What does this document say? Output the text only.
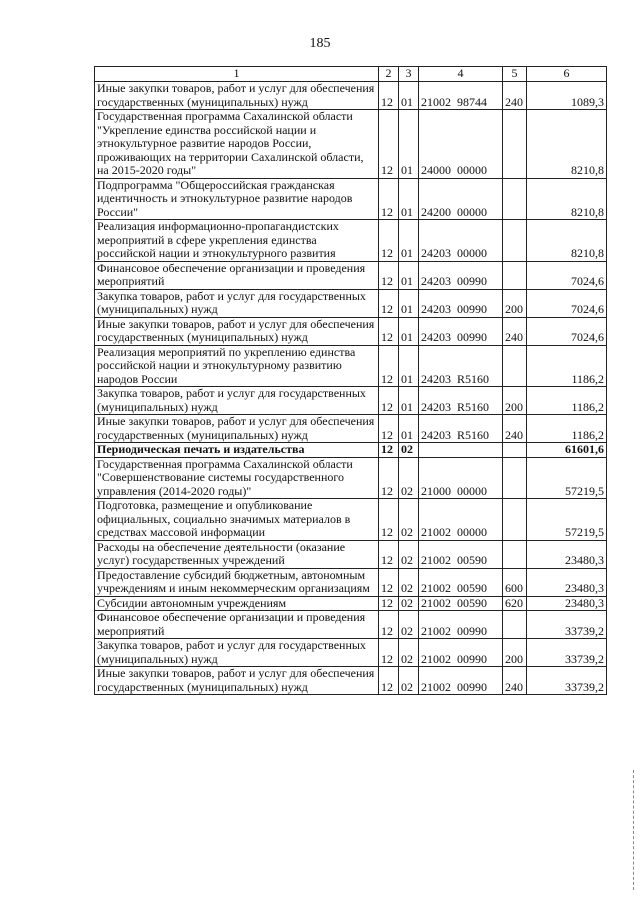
185
1	2	3	4	5	6
Иные закупки товаров, работ и услуг для обеспечения государственных (муниципальных) нужд	12	01	21002  98744	240	1089,3
Государственная программа Сахалинской области "Укрепление единства российской нации и этнокультурное развитие народов России, проживающих на территории Сахалинской области, на 2015-2020 годы"	12	01	24000  00000		8210,8
Подпрограмма "Общероссийская гражданская идентичность и этнокультурное развитие народов России"	12	01	24200  00000		8210,8
Реализация информационно-пропагандистских мероприятий в сфере укрепления единства российской нации и этнокультурного развития	12	01	24203  00000		8210,8
Финансовое обеспечение организации и проведения мероприятий	12	01	24203  00990		7024,6
Закупка товаров, работ и услуг для государственных (муниципальных) нужд	12	01	24203  00990	200	7024,6
Иные закупки товаров, работ и услуг для обеспечения государственных (муниципальных) нужд	12	01	24203  00990	240	7024,6
Реализация мероприятий по укреплению единства российской нации и этнокультурному развитию народов России	12	01	24203  R5160		1186,2
Закупка товаров, работ и услуг для государственных (муниципальных) нужд	12	01	24203  R5160	200	1186,2
Иные закупки товаров, работ и услуг для обеспечения государственных (муниципальных) нужд	12	01	24203  R5160	240	1186,2
Периодическая печать и издательства	12	02			61601,6
Государственная программа Сахалинской области "Совершенствование системы государственного управления (2014-2020 годы)"	12	02	21000  00000		57219,5
Подготовка, размещение и опубликование официальных, социально значимых материалов в средствах массовой информации	12	02	21002  00000		57219,5
Расходы на обеспечение деятельности (оказание услуг) государственных учреждений	12	02	21002  00590		23480,3
Предоставление субсидий бюджетным, автономным учреждениям и иным некоммерческим организациям	12	02	21002  00590	600	23480,3
Субсидии автономным учреждениям	12	02	21002  00590	620	23480,3
Финансовое обеспечение организации и проведения мероприятий	12	02	21002  00990		33739,2
Закупка товаров, работ и услуг для государственных (муниципальных) нужд	12	02	21002  00990	200	33739,2
Иные закупки товаров, работ и услуг для обеспечения государственных (муниципальных) нужд	12	02	21002  00990	240	33739,2
